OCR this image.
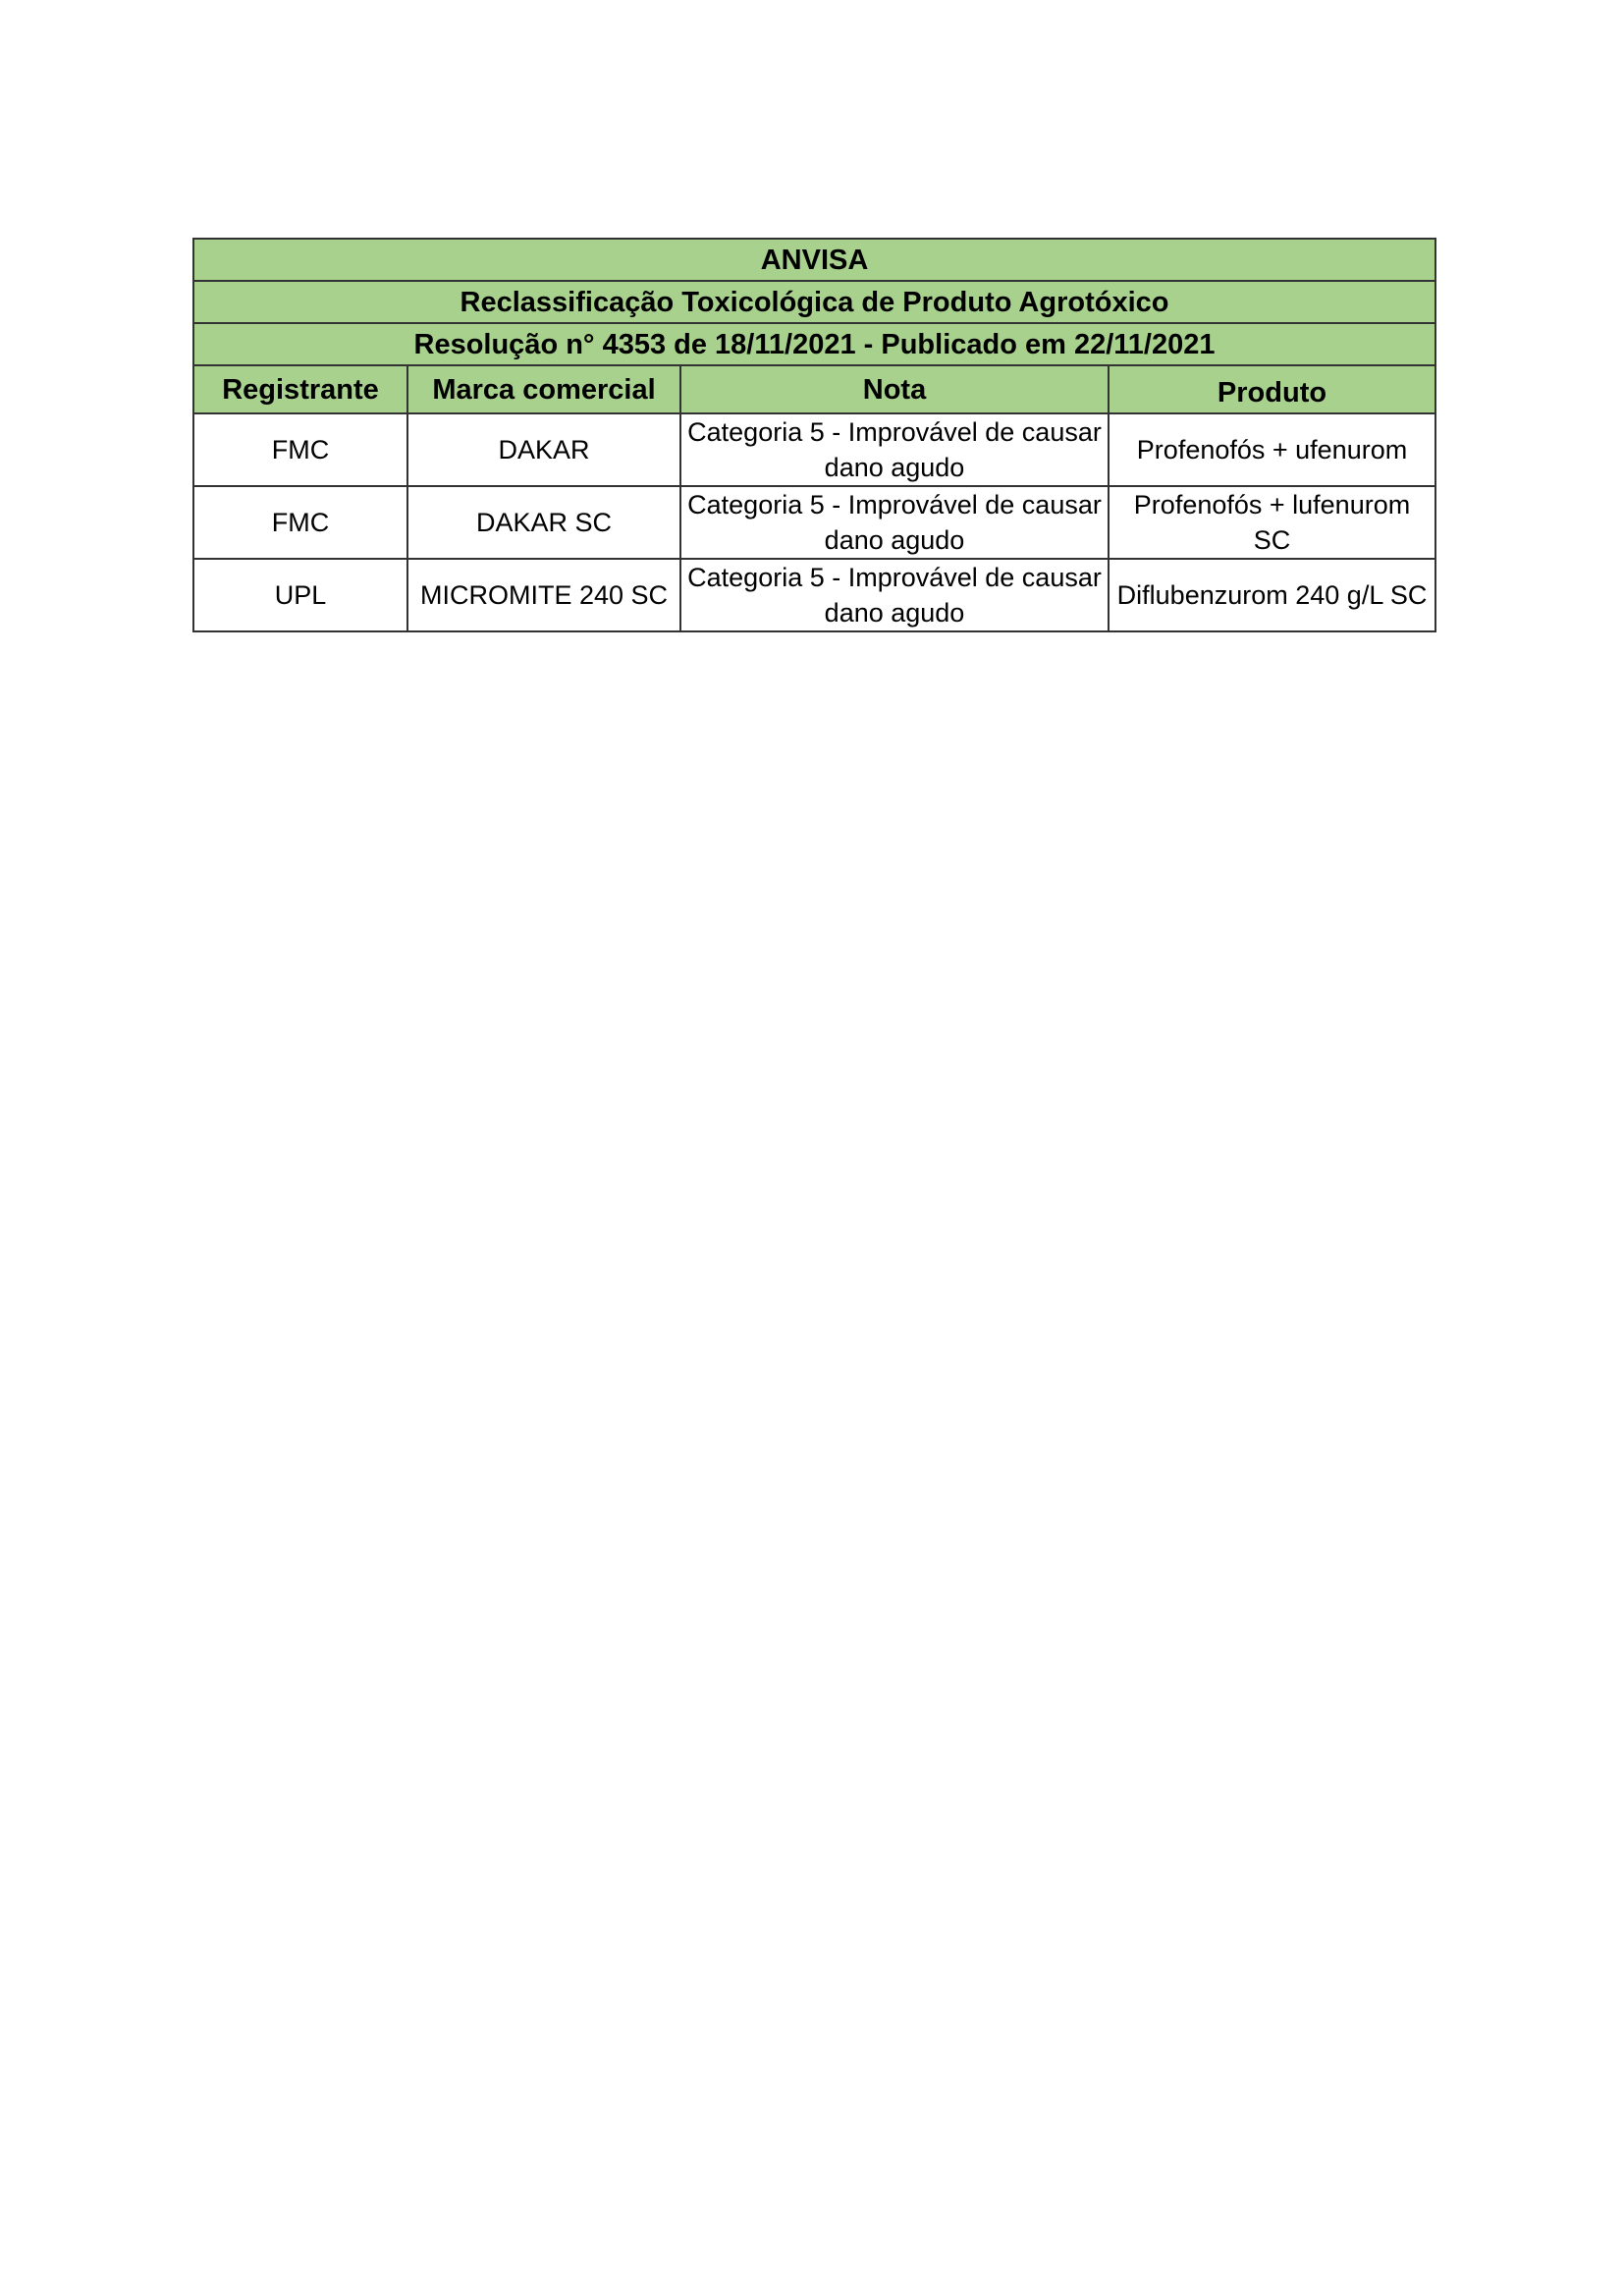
ANVISA			
Reclassificação Toxicológica de Produto Agrotóxico			
Resolução n° 4353 de 18/11/2021 - Publicado em 22/11/2021			
Registrante	Marca comercial	Nota	Produto
FMC	DAKAR	Categoria 5 - Improvável de causar dano agudo	Profenofós + ufenurom
FMC	DAKAR SC	Categoria 5 - Improvável de causar dano agudo	Profenofós + lufenurom SC
UPL	MICROMITE 240 SC	Categoria 5 - Improvável de causar dano agudo	Diflubenzurom 240 g/L SC
